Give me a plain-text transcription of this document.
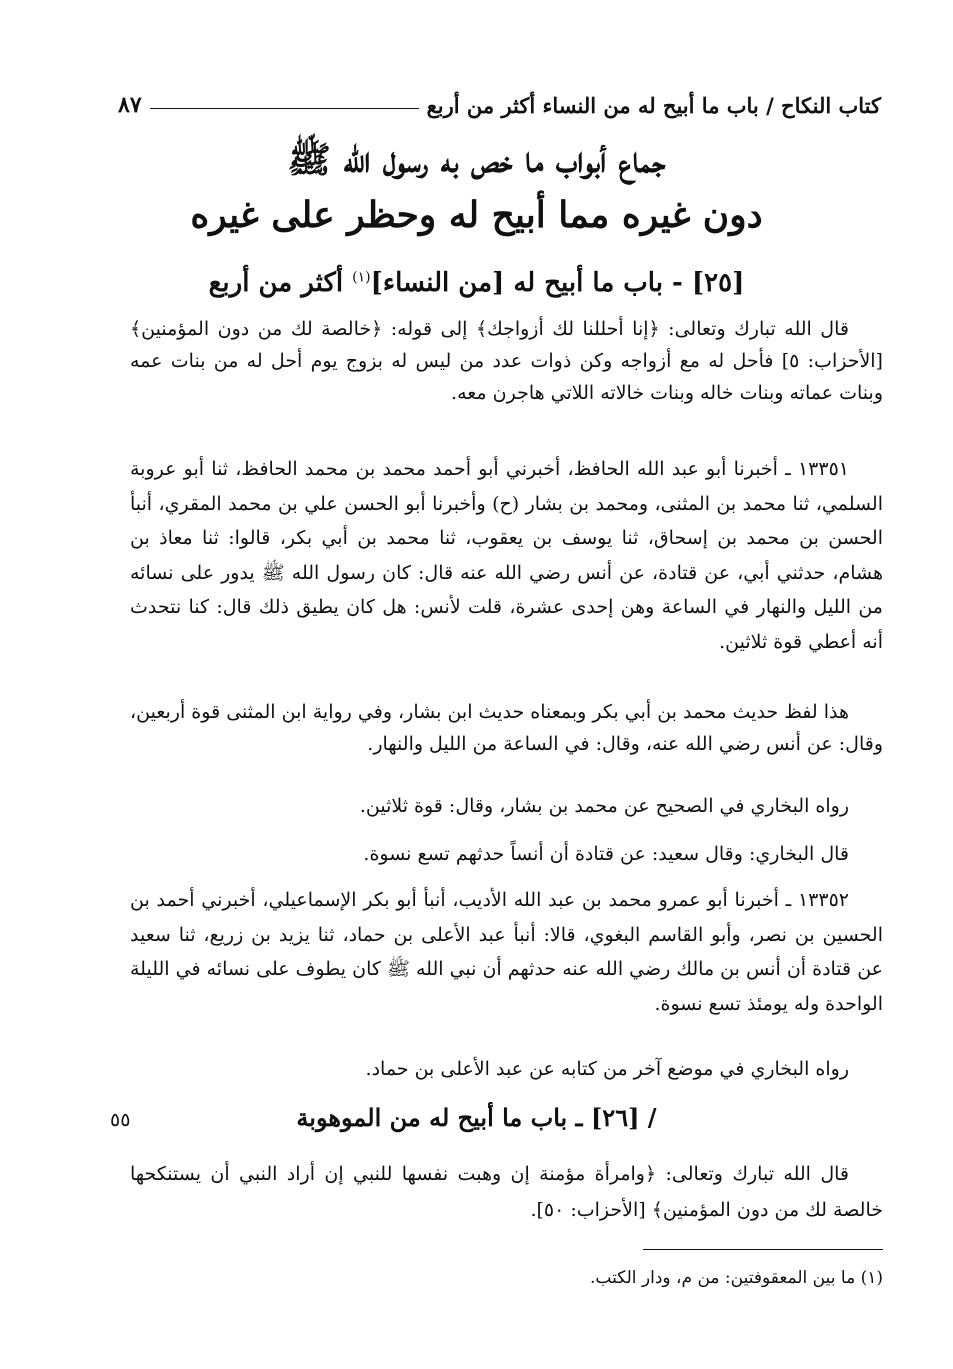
كتاب النكاح / باب ما أبيح له من النساء أكثر من أربع
٨٧
جماع أبواب ما خص به رسول الله ﷺ
دون غيره مما أبيح له وحظر على غيره
[٢٥] - باب ما أبيح له [من النساء]$^{(١)}$ أكثر من أربع

قال الله تبارك وتعالى: ﴿إنا أحللنا لك أزواجك﴾ إلى قوله: ﴿خالصة لك من دون المؤمنين﴾ [الأحزاب: ٥] فأحل له مع أزواجه وكن ذوات عدد من ليس له بزوج يوم أحل له من بنات عمه وبنات عماته وبنات خاله وبنات خالاته اللاتي هاجرن معه.

١٣٣٥١ ـ أخبرنا أبو عبد الله الحافظ، أخبرني أبو أحمد محمد بن محمد الحافظ، ثنا أبو عروبة السلمي، ثنا محمد بن المثنى، ومحمد بن بشار (ح) وأخبرنا أبو الحسن علي بن محمد المقري، أنبأ الحسن بن محمد بن إسحاق، ثنا يوسف بن يعقوب، ثنا محمد بن أبي بكر، قالوا: ثنا معاذ بن هشام، حدثني أبي، عن قتادة، عن أنس رضي الله عنه قال: كان رسول الله ﷺ يدور على نسائه من الليل والنهار في الساعة وهن إحدى عشرة، قلت لأنس: هل كان يطيق ذلك قال: كنا نتحدث أنه أعطي قوة ثلاثين.

هذا لفظ حديث محمد بن أبي بكر وبمعناه حديث ابن بشار، وفي رواية ابن المثنى قوة أربعين، وقال: عن أنس رضي الله عنه، وقال: في الساعة من الليل والنهار.

رواه البخاري في الصحيح عن محمد بن بشار، وقال: قوة ثلاثين.

قال البخاري: وقال سعيد: عن قتادة أن أنساً حدثهم تسع نسوة.

١٣٣٥٢ ـ أخبرنا أبو عمرو محمد بن عبد الله الأديب، أنبأ أبو بكر الإسماعيلي، أخبرني أحمد بن الحسين بن نصر، وأبو القاسم البغوي، قالا: أنبأ عبد الأعلى بن حماد، ثنا يزيد بن زريع، ثنا سعيد عن قتادة أن أنس بن مالك رضي الله عنه حدثهم أن نبي الله ﷺ كان يطوف على نسائه في الليلة الواحدة وله يومئذ تسع نسوة.

رواه البخاري في موضع آخر من كتابه عن عبد الأعلى بن حماد.

٥٥	/ [٢٦] ـ باب ما أبيح له من الموهوبة

قال الله تبارك وتعالى: ﴿وامرأة مؤمنة إن وهبت نفسها للنبي إن أراد النبي أن يستنكحها خالصة لك من دون المؤمنين﴾ [الأحزاب: ٥٠].

(١) ما بين المعقوفتين: من م، ودار الكتب.
